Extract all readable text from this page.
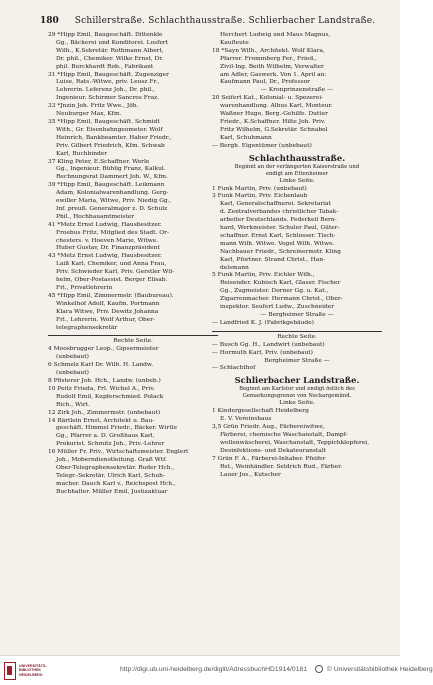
180 Schillerstraße. Schlachthausstraße. Schlierbacher Landstraße.
29 *Hipp Emil, Baugeschäft. Dittenkle
Gg., Bäckerei und Konditorei. Losfert
Wilh., K.Sekretär. Rothmann Albert,
Dr. phil., Chemiker. Wilke Ernst, Dr.
phil. Burckhardt Rob., Fabrikant
31 *Hipp Emil, Baugeschäft. Zugenziger
Luise, Rats.-Witwe, priv. Leusz Fr.,
Lehrerin. Leferenz Joh., Dr. phil.,
Ingenieur. Schirmer Sancros Fraz.
33 *Jnzin Joh. Fritz Wwe., Jöh.
Neuburger Max, Kfm.
35 *Hipp Emil, Baugeschäft. Schmidt
With., Gr. Eisenbahngeometer. Wolf
Heinrich, Bankbeamter. Haber Friedr.,
Priv. Gilbert Friedrich, Kfm. Schwab
Karl, Buchbinder
37 Kling Peter, E.Schaffner. Werle
Gg., Ingenieur. Bühlig Franz, Kalkul.
Rechnungsrat Dammert Joh. W., Kfm.
39 *Hipp Emil, Baugeschäft. Leikmann
Adam, Kolonialwarenhandlung. Gerg-
ewiller Maria, Witwe, Priv. Niedig Gg.,
Inf. preuß. Generalmajor z. D. Schulz
Phil., Hochbauamtmeister
41 *Metz Ernst Ludwig, Hausbesitzer.
Froebus Fritz, Mitglied des Stadt. Or-
chesters. v. Hoeven Marie, Witwe.
Huber Gustav, Dr. Finanzpräsident
43 *Metz Ernst Ludwig, Hausbesitzer.
Laiß Karl, Chemiker, und Anna Frau,
Priv. Schwieder Karl, Priv. Gerstler Wil-
helm, Ober-Postassist. Berger Elisab.
Frl., Privatlehrerin
45 *Hipp Emil, Zimmermstr. (Baubureau).
Winkelhof Adolf, Kaufm. Portmann
Klara Witwe, Priv. Dewitz Johanna
Frl., Lehrerin. Wolf Arthur, Ober-
telegraphensekretär
Rechte Seite.
4 Moosbrugger Leop., Gipsermeister
(unbebaut)
6 Schmelz Karl Dr. Wilh. H. Landw.
(unbebaut)
8 Pfisterer Joh. Hch., Landw. (unbeb.)
10 Peitz Frieda, Frl. Wichel A., Priv.
Rudolf Emil, Kupferschmied. Polack
Rich., Wirt.
12 Zirk Joh., Zimmermstr. (unbebaut)
14 Bärtlein Ernst, Architekt u. Bau-
geschäft. Himmel Friedr., Bäcker. Wirtle
Gg., Pfarrer a. D. Großhaus Karl,
Prokurist. Schmitz Joh., Priv.-Lehrer
16 Müller Fr. Priv., Wirtschaftsmeister. Englert
Joh., Moberndienstleitung. Graß Wtf.
Ober-Telegraphensekretär. Ruder Hch.,
Telegr.-Sekretär. Ulrich Karl, Schuh-
macher. Dauch Karl v., Reichspost Hch.,
Buchhalter. Müller Emil, Justizaktuar
Herchert Ludwig und Maus Magnus,
Kaufleute
18 *Sayn Wilh., Architekt. Wolf Klara,
Pfarrer. Frommberg Fer., Fried.,
Zivil-Ing. Beith Wilhelm, Verwalter
am Adler, Gaswerk. Von 1. April an:
Kaufmann Paul, Dr., Professor
— Kronprinzenstraße —
20 Seifert Kat., Kolonial- u. Spezerei-
warenhandlung. Albus Karl, Monteur.
Waßner Hugo, Berg.-Gehilfe. Dutter
Friedr., K.Schaffner. Hilte Joh. Priv.
Fritz Wilhelm, G.Sekretär. Schnabel
Karl, Schuhmann
— Bergh. Eigentümer (unbebaut)
Schlachthausstraße.
Beginnt an der verlängerten Kaiserstraße und
endigt am Ettenheimer
Linke Seite.
1 Funk Martin, Priv. (unbebaut)
3 Funk Martin, Priv. Eichenlaub
Karl, Generalschaffnerei. Sekretariat
d. Zentralverbandes christlicher Tabak-
arbeiter Deutschlands. Federkeil Bern-
hard, Werkmeister. Schuler Paul, Güter-
schaffner. Ernst Karl, Schlosser. Tisch-
mann Wilh. Witwe. Vogel Wilh. Witwe.
Nachbauer Friedr., Schreinermstr. Kling
Karl, Pfortner. Strand Christ., Han-
delsmann
5 Funk Martin, Priv. Eichler Wilh.,
Reisender. Kubisch Karl, Glaser. Fischer
Gg., Zugmeister. Dorner Gg. u. Kat.,
Zigarrenmacher. Hermann Christ., Ober-
inspektor. Seufert Ludw., Zuschneider
— Bergheimer Straße —
— Landfried K. J. (Fabrikgebäude)
Rechte Seite.
— Busch Gg. H., Landwirt (unbebaut)
— Hormuth Karl, Priv. (unbebaut)
Bergheimer Straße —
— Schlachthof
Schlierbacher Landstraße.
Beginnt am Karlstor und endigt östlich des
Gemarkungsgrenze von Neckargemünd.
Linke Seite.
1 Kindergesellschaft Heidelberg
E. V. Vereinshaus
3,5 Grün Friedr. Aug., Färbereiwitwe,
Färberei, chemische Waschanstalt, Dampf-
wollenwäscherei, Waschanstalt, Teppichklopferei,
Desinfektions- und Dekateuranstalt
7 Grün F. A., Färberei-Inhaber. Pfeifer
Rst., Weinhändler. Seldrich Rud., Färber.
Lauer Jos., Kutscher
UNIVERSITÄTS-
BIBLIOTHEK
HEIDELBERG
http://digi.ub.uni-heidelberg.de/diglit/AdressbuchHD1914/0181	© Universitätsbibliothek Heidelberg
